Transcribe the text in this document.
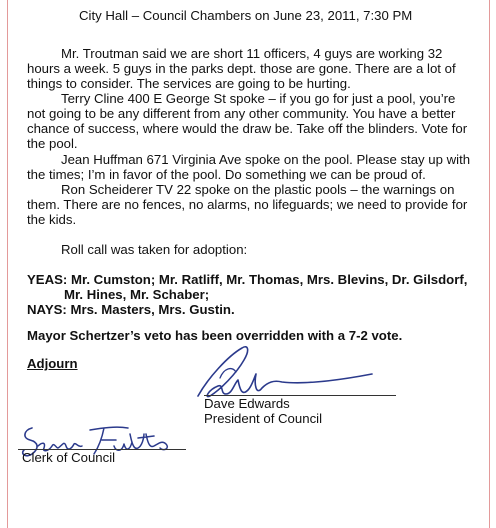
City Hall – Council Chambers on June 23, 2011, 7:30 PM
Mr. Troutman said we are short 11 officers, 4 guys are working 32
hours a week. 5 guys in the parks dept. those are gone. There are a lot of
things to consider. The services are going to be hurting.
Terry Cline 400 E George St spoke – if you go for just a pool, you’re
not going to be any different from any other community. You have a better
chance of success, where would the draw be. Take off the blinders. Vote for
the pool.
Jean Huffman 671 Virginia Ave spoke on the pool. Please stay up with
the times; I’m in favor of the pool. Do something we can be proud of.
Ron Scheiderer TV 22 spoke on the plastic pools – the warnings on
them. There are no fences, no alarms, no lifeguards; we need to provide for
the kids.
Roll call was taken for adoption:
YEAS: Mr. Cumston; Mr. Ratliff, Mr. Thomas, Mrs. Blevins, Dr. Gilsdorf,
Mr. Hines, Mr. Schaber;
NAYS: Mrs. Masters, Mrs. Gustin.
Mayor Schertzer’s veto has been overridden with a 7-2 vote.
Adjourn
Dave Edwards
President of Council
Clerk of Council
